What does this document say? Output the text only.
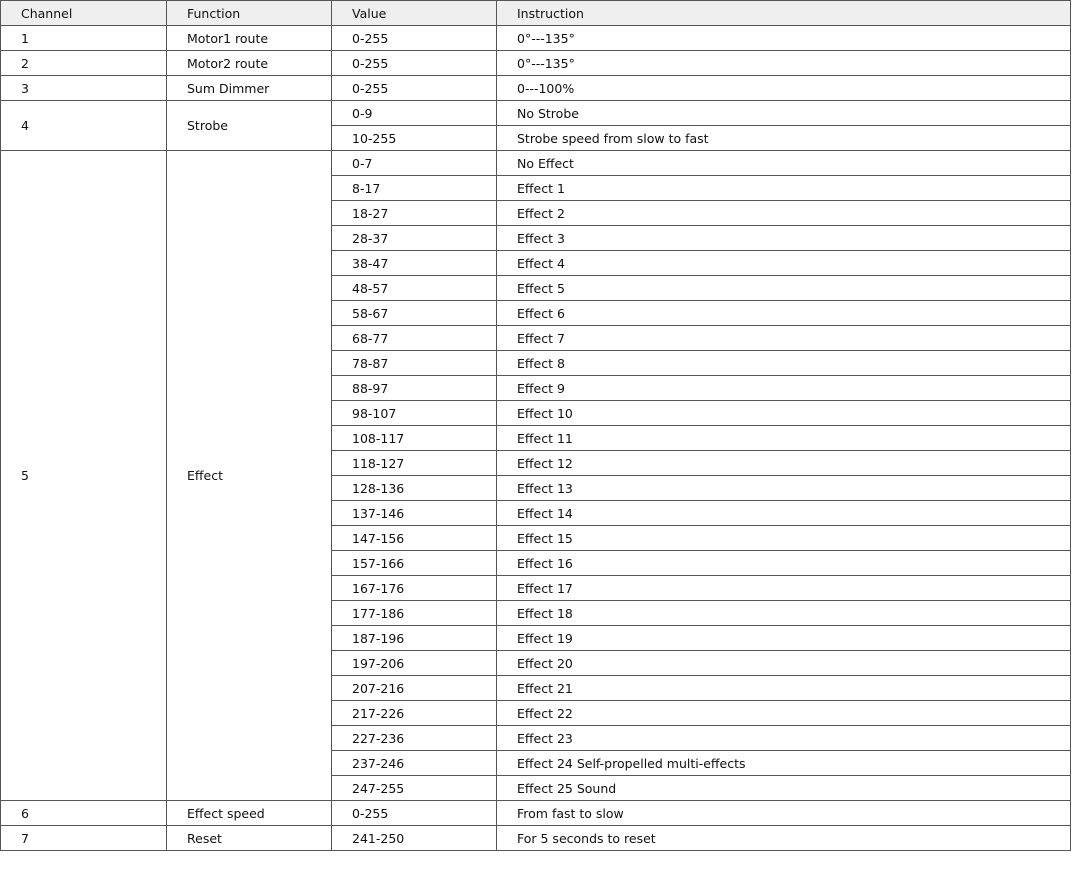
Channel	Function	Value	Instruction
1	Motor1 route	0-255	0°---135°
2	Motor2 route	0-255	0°---135°
3	Sum Dimmer	0-255	0---100%
4	Strobe	0-9	No Strobe
		10-255	Strobe speed from slow to fast
5	Effect	0-7	No Effect
		8-17	Effect 1
		18-27	Effect 2
		28-37	Effect 3
		38-47	Effect 4
		48-57	Effect 5
		58-67	Effect 6
		68-77	Effect 7
		78-87	Effect 8
		88-97	Effect 9
		98-107	Effect 10
		108-117	Effect 11
		118-127	Effect 12
		128-136	Effect 13
		137-146	Effect 14
		147-156	Effect 15
		157-166	Effect 16
		167-176	Effect 17
		177-186	Effect 18
		187-196	Effect 19
		197-206	Effect 20
		207-216	Effect 21
		217-226	Effect 22
		227-236	Effect 23
		237-246	Effect 24 Self-propelled multi-effects
		247-255	Effect 25 Sound
6	Effect speed	0-255	From fast to slow
7	Reset	241-250	For 5 seconds to reset
